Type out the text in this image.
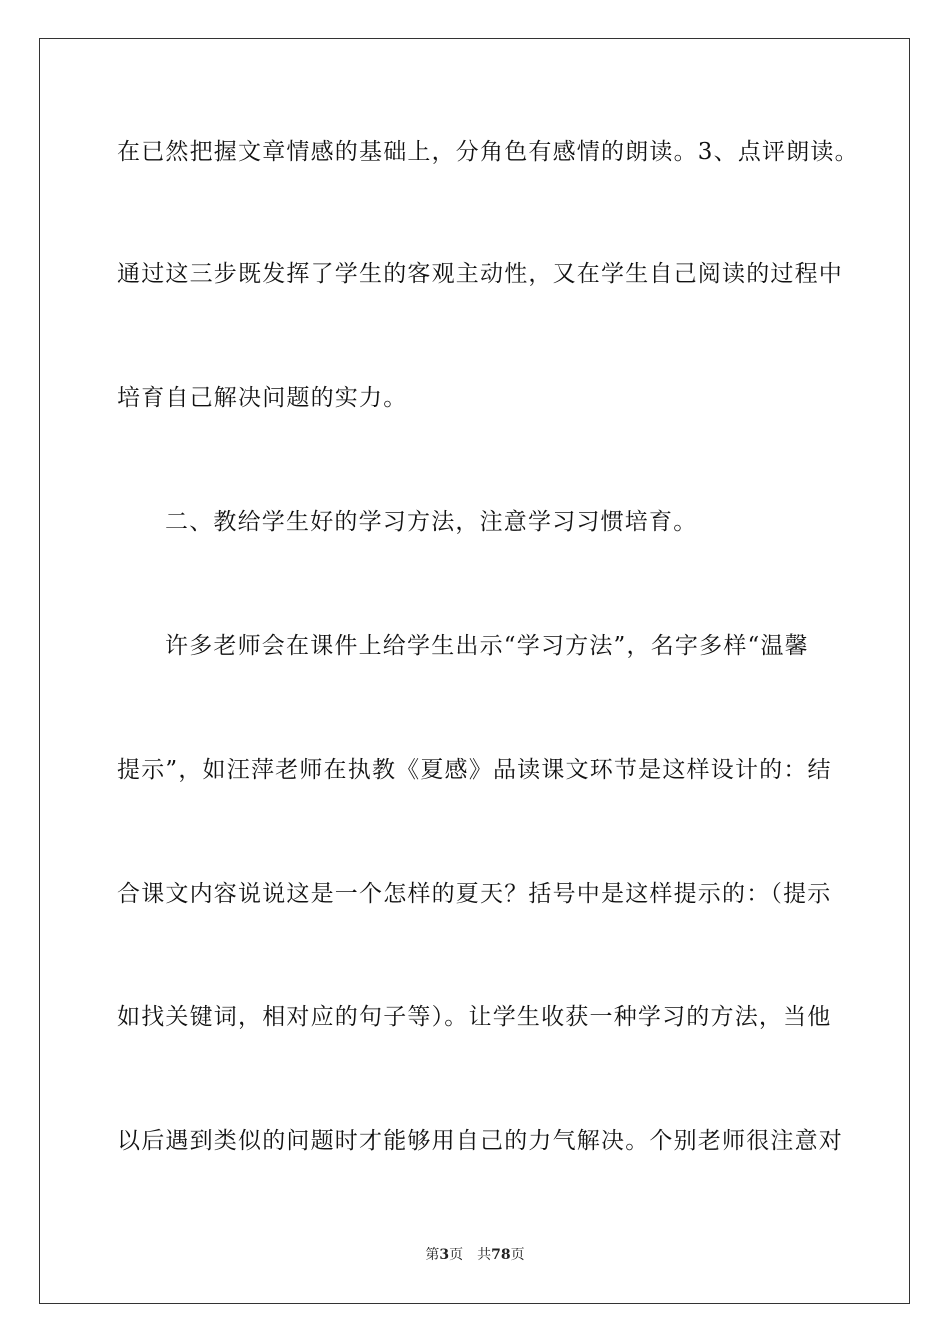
在已然把握文章情感的基础上，分角色有感情的朗读。3、点评朗读。
通过这三步既发挥了学生的客观主动性，又在学生自己阅读的过程中
培育自己解决问题的实力。
二、教给学生好的学习方法，注意学习习惯培育。
许多老师会在课件上给学生出示“学习方法”，名字多样“温馨
提示”，如汪萍老师在执教《夏感》品读课文环节是这样设计的：结
合课文内容说说这是一个怎样的夏天？括号中是这样提示的：（提示
如找关键词，相对应的句子等）。让学生收获一种学习的方法，当他
以后遇到类似的问题时才能够用自己的力气解决。个别老师很注意对
第3页 共78页
